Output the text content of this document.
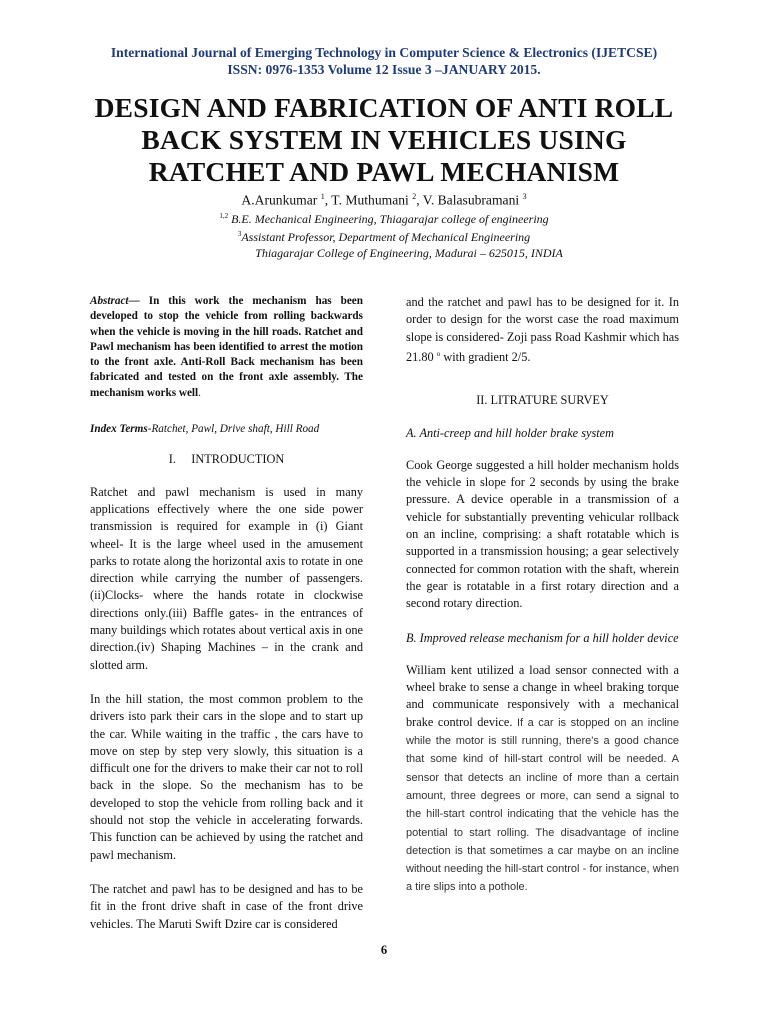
International Journal of Emerging Technology in Computer Science & Electronics (IJETCSE)
ISSN: 0976-1353 Volume 12 Issue 3 –JANUARY 2015.
DESIGN AND FABRICATION OF ANTI ROLL
BACK SYSTEM IN VEHICLES USING
RATCHET AND PAWL MECHANISM
A.Arunkumar $^1$, T. Muthumani $^2$, V. Balasubramani $^3$
$^{1,2}$ B.E. Mechanical Engineering, Thiagarajar college of engineering
$^3$Assistant Professor, Department of Mechanical Engineering
Thiagarajar College of Engineering, Madurai – 625015, INDIA

Abstract— In this work the mechanism has been developed to stop the vehicle from rolling backwards when the vehicle is moving in the hill roads. Ratchet and Pawl mechanism has been identified to arrest the motion to the front axle. Anti-Roll Back mechanism has been fabricated and tested on the front axle assembly. The mechanism works well.

Index Terms-Ratchet, Pawl, Drive shaft, Hill Road

I.     INTRODUCTION

Ratchet and pawl mechanism is used in many applications effectively where the one side power transmission is required for example in (i) Giant wheel- It is the large wheel used in the amusement parks to rotate along the horizontal axis to rotate in one direction while carrying the number of passengers. (ii)Clocks- where the hands rotate in clockwise directions only.(iii) Baffle gates- in the entrances of many buildings which rotates about vertical axis in one direction.(iv) Shaping Machines – in the crank and slotted arm.

In the hill station, the most common problem to the drivers isto park their cars in the slope and to start up the car. While waiting in the traffic , the cars have to move on step by step very slowly, this situation is a difficult one for the drivers to make their car not to roll back in the slope. So the mechanism has to be developed to stop the vehicle from rolling back and it should not stop the vehicle in accelerating forwards. This function can be achieved by using the ratchet and pawl mechanism.

The ratchet and pawl has to be designed and has to be fit in the front drive shaft in case of the front drive vehicles. The Maruti Swift Dzire car is considered

and the ratchet and pawl has to be designed for it. In order to design for the worst case the road maximum slope is considered- Zoji pass Road Kashmir which has 21.80 $^o$ with gradient 2/5.

II. LITRATURE SURVEY

A. Anti-creep and hill holder brake system

Cook George suggested a hill holder mechanism holds the vehicle in slope for 2 seconds by using the brake pressure. A device operable in a transmission of a vehicle for substantially preventing vehicular rollback on an incline, comprising: a shaft rotatable which is supported in a transmission housing; a gear selectively connected for common rotation with the shaft, wherein the gear is rotatable in a first rotary direction and a second rotary direction.

B. Improved release mechanism for a hill holder device

William kent utilized a load sensor connected with a wheel brake to sense a change in wheel braking torque and communicate responsively with a mechanical brake control device. If a car is stopped on an incline while the motor is still running, there's a good chance that some kind of hill-start control will be needed. A sensor that detects an incline of more than a certain amount, three degrees or more, can send a signal to the hill-start control indicating that the vehicle has the potential to start rolling. The disadvantage of incline detection is that sometimes a car maybe on an incline without needing the hill-start control - for instance, when a tire slips into a pothole.

6
